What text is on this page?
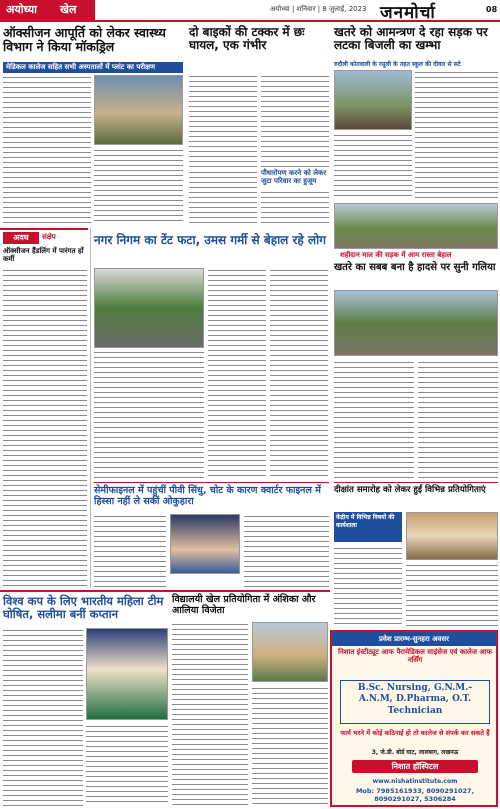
अयोध्या खेल	अयोध्या | शनिवार | 8 जुलाई, 2023 जनमोर्चा	08
ऑक्सीजन आपूर्ति को लेकर स्वास्थ्य विभाग ने किया मॉकड्रिल
मेडिकल कालेज सहित सभी अस्पतालों में प्लांट का परीक्षण
दो बाइकों की टक्कर में छः घायल, एक गंभीर
पौधारोपण करने को लेकर जुटा परिवार का हुजूम
खतरे को आमन्त्रण दे रहा सड़क पर लटका बिजली का खम्भा
रुदौली कोतवाली के रसूली के तहत स्कूल की दीवार से सटे
शहीदान माल की सड़क में आम रास्ता बेहाल
अवध	संक्षेप
ऑक्सीजन हैंडलिंग में पारंगत हों कर्मी
नगर निगम का टेंट फटा, उमस गर्मी से बेहाल रहे लोग
खतरे का सबब बना है हादसे पर सुनी गलिया
सेमीफाइनल में पहुंचीं पीवी सिंधु, चोट के कारण क्वार्टर फाइनल में हिस्सा नहीं ले सकीं ओकुहारा
दीक्षांत समारोह को लेकर हुईं विभिन्न प्रतियोगिताएं
केंद्रीय में विभिन्न विषयों की कार्यशाला
विश्व कप के लिए भारतीय महिला टीम घोषित, सलीमा बनीं कप्तान
विद्यालयी खेल प्रतियोगिता में अंशिका और आलिया विजेता
प्रवेश प्रारम्भ-सुनहरा अवसर
निशात इंस्टीट्यूट आफ पैरामेडिकल साइंसेज एवं कालेज आफ नर्सिंग
B.Sc. Nursing, G.N.M.-A.N.M, D.Pharma, O.T. Technician
फार्म भरने में कोई कठिनाई हो तो कालेज से संपर्क कर सकते हैं
3, जे.डी. बोर्ड घाट, लालबाग, लखनऊ
निशात हॉस्पिटल
Mob: 7985161933, 8090291027, 8090291027, 5306284
www.nishatinstitute.com
